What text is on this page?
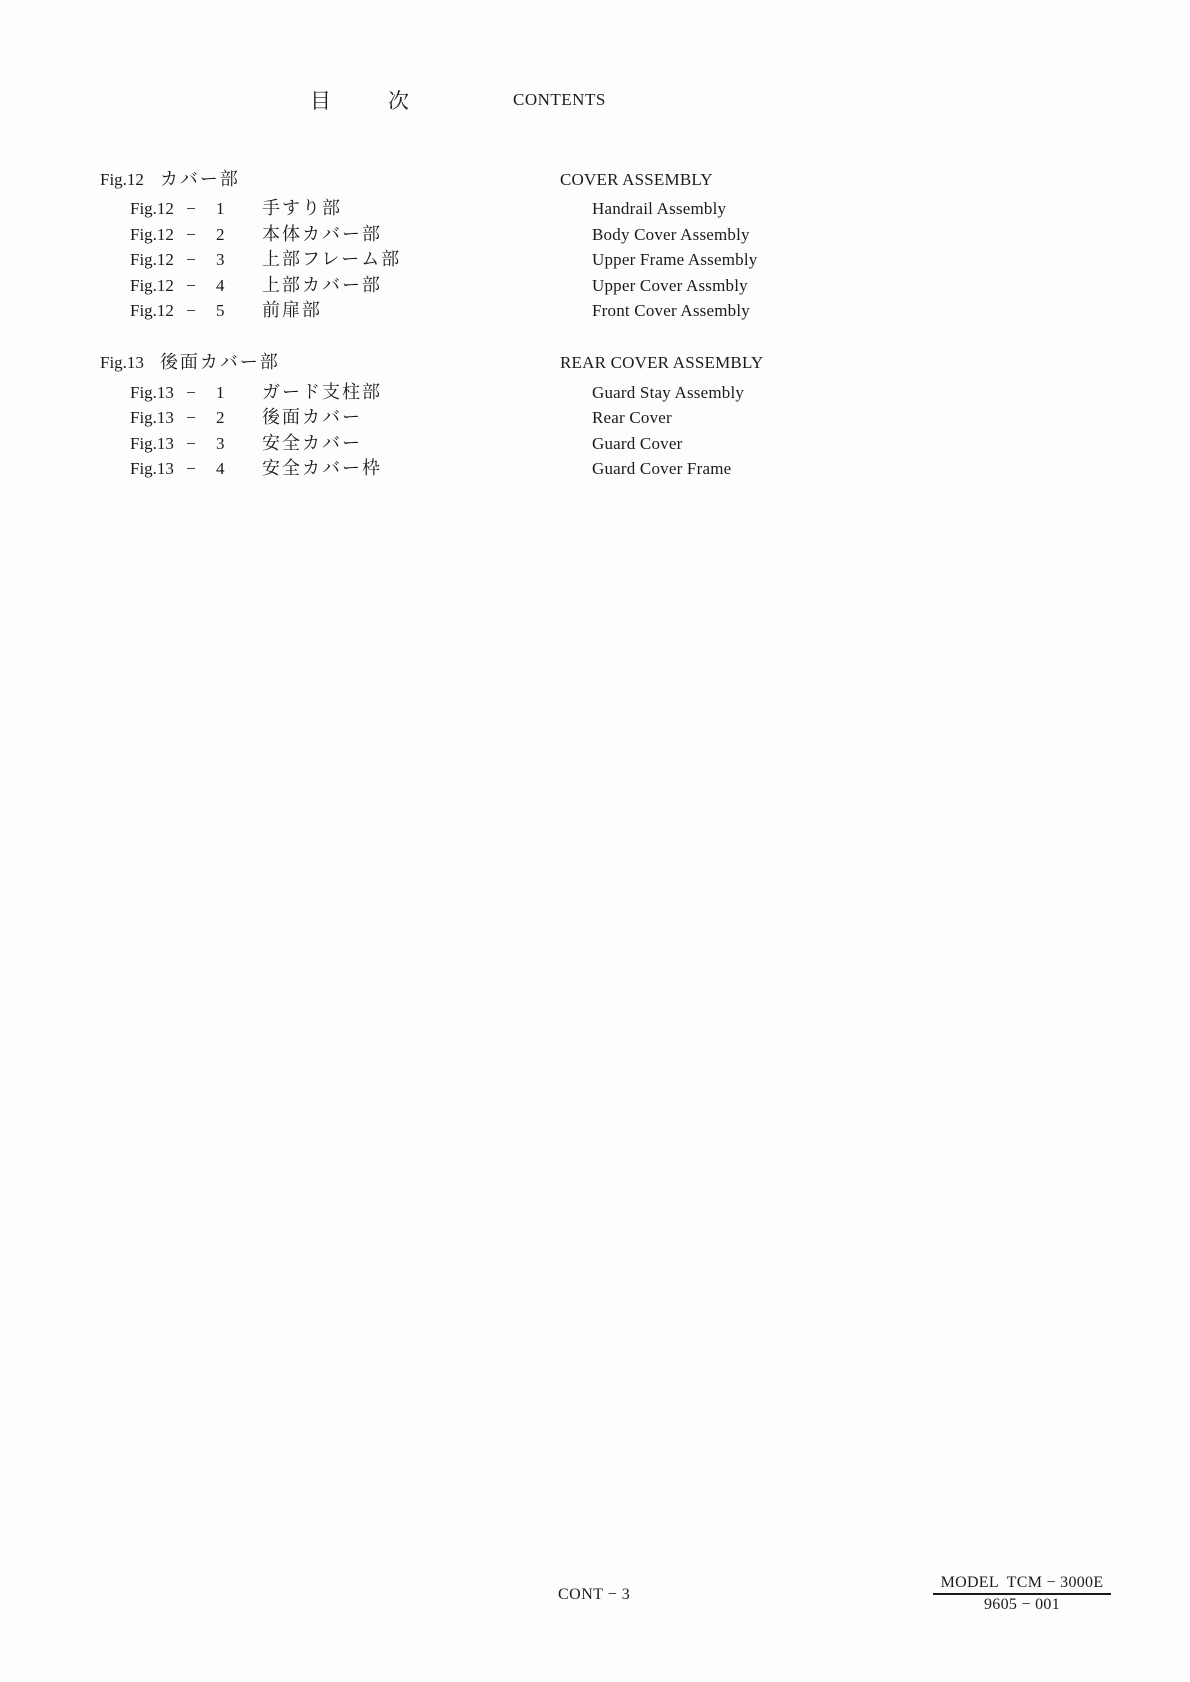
目次	CONTENTS
Fig.12 カバー部	COVER ASSEMBLY
Fig.12 − 1 手すり部	Handrail Assembly
Fig.12 − 2 本体カバー部	Body Cover Assembly
Fig.12 − 3 上部フレーム部	Upper Frame Assembly
Fig.12 − 4 上部カバー部	Upper Cover Assmbly
Fig.12 − 5 前扉部	Front Cover Assembly
Fig.13 後面カバー部	REAR COVER ASSEMBLY
Fig.13 − 1 ガード支柱部	Guard Stay Assembly
Fig.13 − 2 後面カバー	Rear Cover
Fig.13 − 3 安全カバー	Guard Cover
Fig.13 − 4 安全カバー枠	Guard Cover Frame
CONT − 3
MODEL  TCM − 3000E
9605 − 001
